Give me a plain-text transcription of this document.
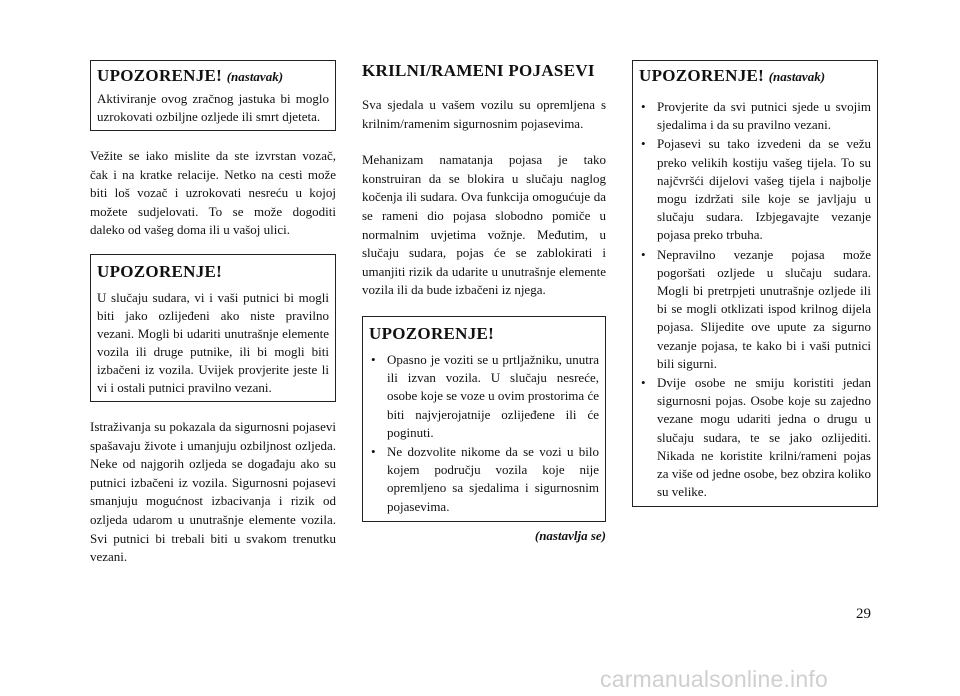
UPOZORENJE! (nastavak)

Aktiviranje ovog zračnog jastuka bi moglo uzrokovati ozbiljne ozljede ili smrt djeteta.

Vežite se iako mislite da ste izvrstan vozač, čak i na kratke relacije. Netko na cesti može biti loš vozač i uzrokovati nesreću u kojoj možete sudjelovati. To se može dogoditi daleko od vašeg doma ili u vašoj ulici.

UPOZORENJE!

U slučaju sudara, vi i vaši putnici bi mogli biti jako ozlijeđeni ako niste pravilno vezani. Mogli bi udariti unutrašnje elemente vozila ili druge putnike, ili bi mogli biti izbačeni iz vozila. Uvijek provjerite jeste li vi i ostali putnici pravilno vezani.

Istraživanja su pokazala da sigurnosni pojasevi spašavaju živote i umanjuju ozbiljnost ozljeda. Neke od najgorih ozljeda se događaju ako su putnici izbačeni iz vozila. Sigurnosni pojasevi smanjuju mogućnost izbacivanja i rizik od ozljeda udarom u unutrašnje elemente vozila. Svi putnici bi trebali biti u svakom trenutku vezani.

KRILNI/RAMENI POJASEVI

Sva sjedala u vašem vozilu su opremljena s krilnim/ramenim sigurnosnim pojasevima.

Mehanizam namatanja pojasa je tako konstruiran da se blokira u slučaju naglog kočenja ili sudara. Ova funkcija omogućuje da se rameni dio pojasa slobodno pomiče u normalnim uvjetima vožnje. Međutim, u slučaju sudara, pojas će se zablokirati i umanjiti rizik da udarite u unutrašnje elemente vozila ili da bude izbačeni iz njega.

UPOZORENJE!

• Opasno je voziti se u prtljažniku, unutra ili izvan vozila. U slučaju nesreće, osobe koje se voze u ovim prostorima će biti najvjerojatnije ozlijeđene ili će poginuti.
• Ne dozvolite nikome da se vozi u bilo kojem području vozila koje nije opremljeno sa sjedalima i sigurnosnim pojasevima.
(nastavlja se)

UPOZORENJE! (nastavak)

• Provjerite da svi putnici sjede u svojim sjedalima i da su pravilno vezani.
• Pojasevi su tako izvedeni da se vežu preko velikih kostiju vašeg tijela. To su najčvršći dijelovi vašeg tijela i najbolje mogu izdržati sile koje se javljaju u slučaju sudara. Izbjegavajte vezanje pojasa preko trbuha.
• Nepravilno vezanje pojasa može pogoršati ozljede u slučaju sudara. Mogli bi pretrpjeti unutrašnje ozljede ili bi se mogli otklizati ispod krilnog dijela pojasa. Slijedite ove upute za sigurno vezanje pojasa, te kako bi i vaši putnici bili sigurni.
• Dvije osobe ne smiju koristiti jedan sigurnosni pojas. Osobe koje su zajedno vezane mogu udariti jedna o drugu u slučaju sudara, te se jako ozlijediti. Nikada ne koristite krilni/rameni pojas za više od jedne osobe, bez obzira koliko su velike.
29
carmanualsonline.info
